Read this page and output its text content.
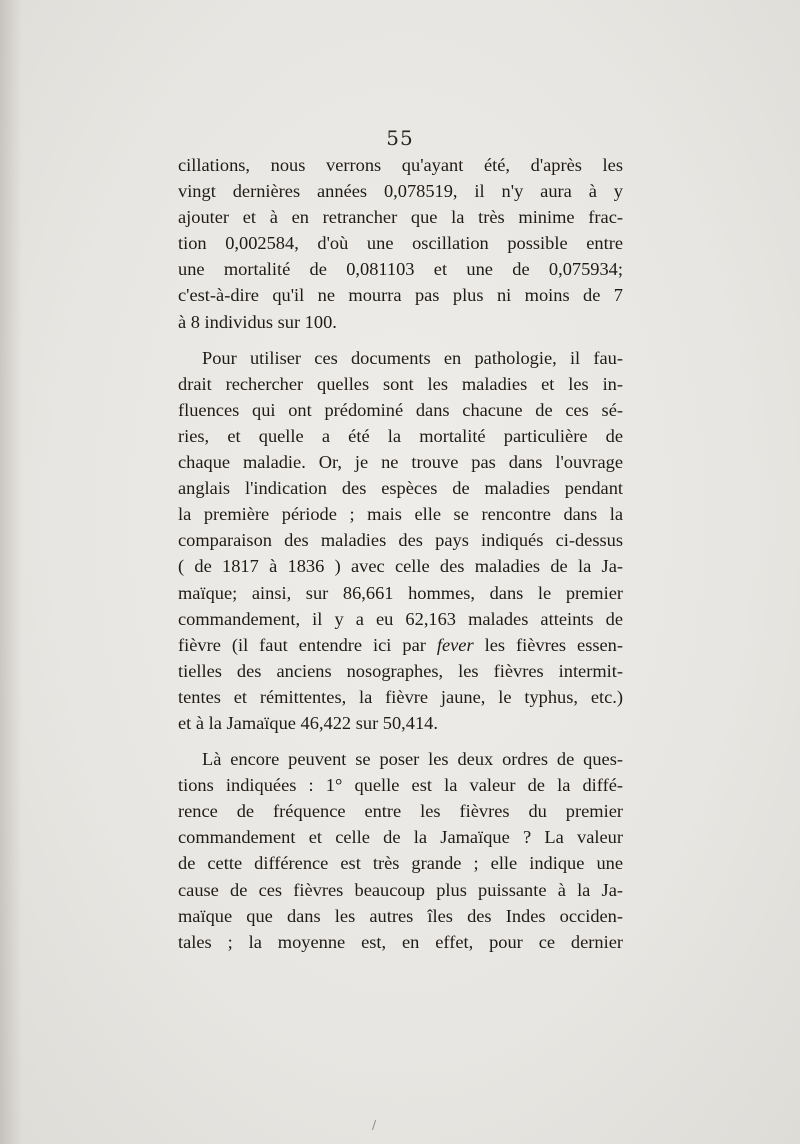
55
cillations, nous verrons qu'ayant été, d'après les
vingt dernières années 0,078519, il n'y aura à y
ajouter et à en retrancher que la très minime frac-
tion 0,002584, d'où une oscillation possible entre
une mortalité de 0,081103 et une de 0,075934;
c'est-à-dire qu'il ne mourra pas plus ni moins de 7
à 8 individus sur 100.
Pour utiliser ces documents en pathologie, il fau-
drait rechercher quelles sont les maladies et les in-
fluences qui ont prédominé dans chacune de ces sé-
ries, et quelle a été la mortalité particulière de
chaque maladie. Or, je ne trouve pas dans l'ouvrage
anglais l'indication des espèces de maladies pendant
la première période ; mais elle se rencontre dans la
comparaison des maladies des pays indiqués ci-dessus
( de 1817 à 1836 ) avec celle des maladies de la Ja-
maïque; ainsi, sur 86,661 hommes, dans le premier
commandement, il y a eu 62,163 malades atteints de
fièvre (il faut entendre ici par fever les fièvres essen-
tielles des anciens nosographes, les fièvres intermit-
tentes et rémittentes, la fièvre jaune, le typhus, etc.)
et à la Jamaïque 46,422 sur 50,414.
Là encore peuvent se poser les deux ordres de ques-
tions indiquées : 1° quelle est la valeur de la diffé-
rence de fréquence entre les fièvres du premier
commandement et celle de la Jamaïque ? La valeur
de cette différence est très grande ; elle indique une
cause de ces fièvres beaucoup plus puissante à la Ja-
maïque que dans les autres îles des Indes occiden-
tales ; la moyenne est, en effet, pour ce dernier
/
